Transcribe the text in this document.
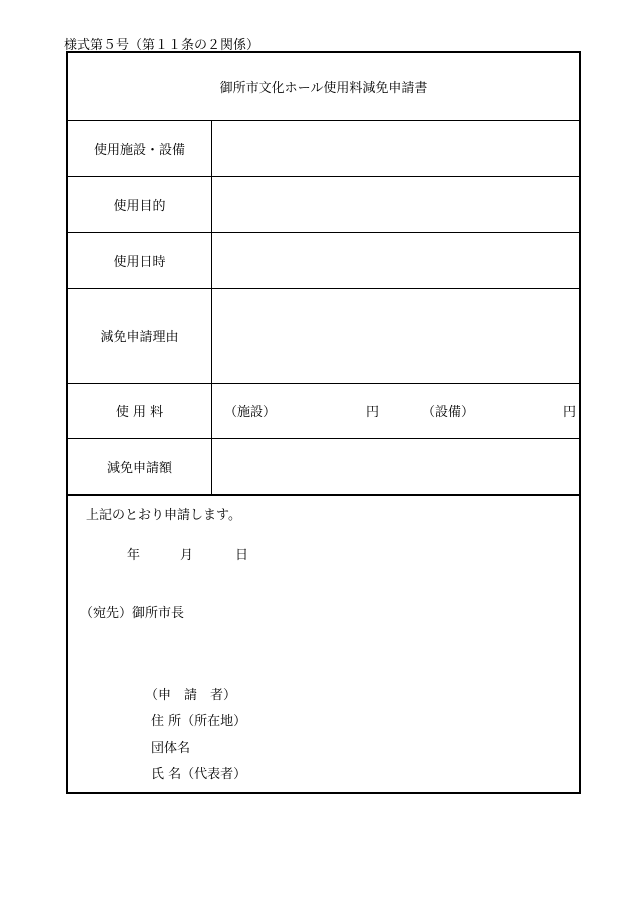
様式第５号（第１１条の２関係）
御所市文化ホール使用料減免申請書
使用施設・設備
使用目的
使用日時
減免申請理由
使 用 料	（施設）	円	（設備）	円
減免申請額
上記のとおり申請します。
年	月	日
（宛先）御所市長
（申　請　者）
住 所（所在地）
団体名
氏 名（代表者）
